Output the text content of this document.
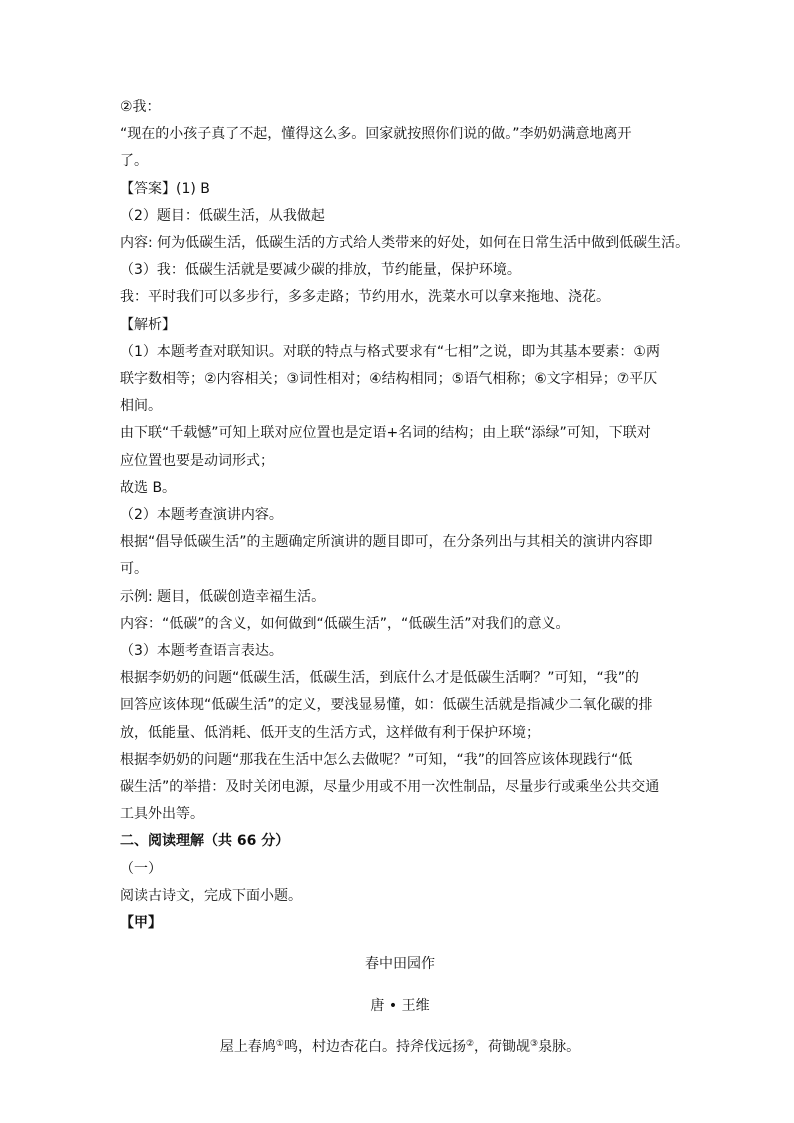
②我：

“现在的小孩子真了不起，懂得这么多。回家就按照你们说的做。”李奶奶满意地离开

了。

【答案】(1) B

（2）题目：低碳生活，从我做起

内容: 何为低碳生活，低碳生活的方式给人类带来的好处，如何在日常生活中做到低碳生活。

（3）我：低碳生活就是要减少碳的排放，节约能量，保护环境。

我：平时我们可以多步行，多多走路；节约用水，洗菜水可以拿来拖地、浇花。

【解析】

（1）本题考查对联知识。对联的特点与格式要求有“七相”之说，即为其基本要素：①两

联字数相等；②内容相关；③词性相对；④结构相同；⑤语气相称；⑥文字相异；⑦平仄

相间。

由下联“千载憾”可知上联对应位置也是定语+名词的结构；由上联“添绿”可知，下联对

应位置也要是动词形式；

故选 B。

（2）本题考查演讲内容。

根据“倡导低碳生活”的主题确定所演讲的题目即可，在分条列出与其相关的演讲内容即

可。

示例: 题目，低碳创造幸福生活。

内容：“低碳”的含义，如何做到“低碳生活”，“低碳生活”对我们的意义。

（3）本题考查语言表达。

根据李奶奶的问题“低碳生活，低碳生活，到底什么才是低碳生活啊？”可知，“我”的

回答应该体现“低碳生活”的定义，要浅显易懂，如：低碳生活就是指减少二氧化碳的排

放，低能量、低消耗、低开支的生活方式，这样做有利于保护环境；

根据李奶奶的问题“那我在生活中怎么去做呢？”可知，“我”的回答应该体现践行“低

碳生活”的举措：及时关闭电源，尽量少用或不用一次性制品，尽量步行或乘坐公共交通

工具外出等。

二、阅读理解（共 66 分）

（一）

阅读古诗文，完成下面小题。

【甲】

春中田园作

唐 • 王维

屋上春鸠①鸣，村边杏花白。持斧伐远扬②，荷锄觇③泉脉。
